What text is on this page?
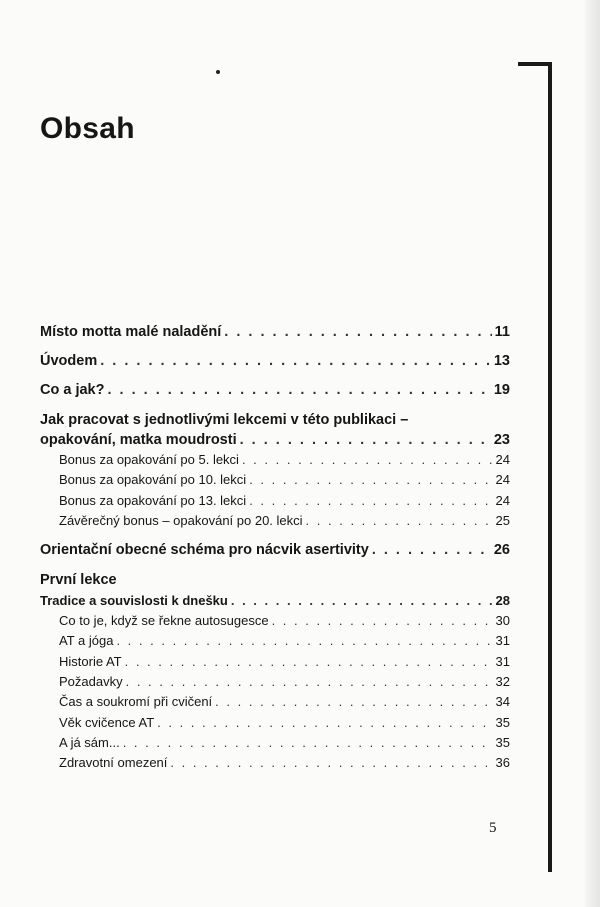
Obsah
Místo motta malé naladění . . .	11
Úvodem . . .	13
Co a jak? . . .	19
Jak pracovat s jednotlivými lekcemi v této publikaci –
opakování, matka moudrosti . . .	23
Bonus za opakování po 5. lekci . . .	24
Bonus za opakování po 10. lekci . . .	24
Bonus za opakování po 13. lekci . . .	24
Závěrečný bonus – opakování po 20. lekci . . .	25
Orientační obecné schéma pro nácvik asertivity . . .	26
První lekce
Tradice a souvislosti k dnešku . . .	28
Co to je, když se řekne autosugesce . . .	30
AT a jóga . . .	31
Historie AT . . .	31
Požadavky . . .	32
Čas a soukromí při cvičení . . .	34
Věk cvičence AT . . .	35
A já sám... . . .	35
Zdravotní omezení . . .	36
5
